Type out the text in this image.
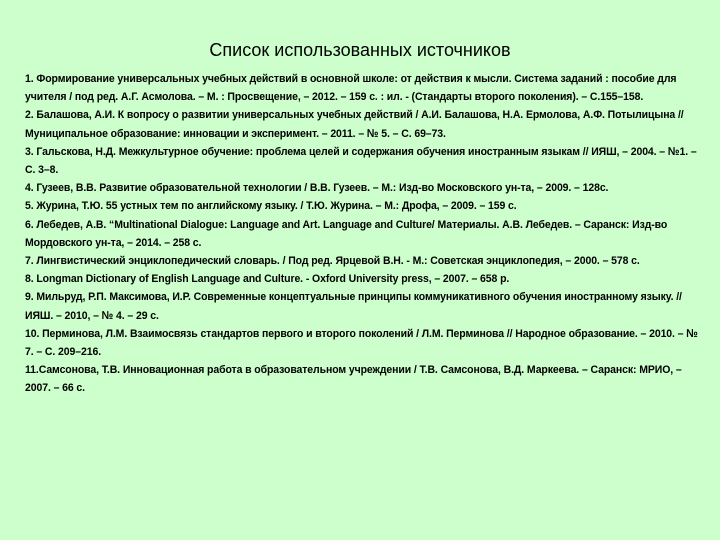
Список использованных источников
1. Формирование универсальных учебных действий в основной школе: от действия к мысли. Система заданий : пособие для учителя / под ред. А.Г. Асмолова. – М. : Просвещение, – 2012. – 159 с. : ил. - (Стандарты второго поколения). – С.155–158.
2. Балашова, А.И. К вопросу о развитии универсальных учебных действий / А.И. Балашова, Н.А. Ермолова, А.Ф. Потылицына // Муниципальное образование: инновации и эксперимент. – 2011. – № 5. – С. 69–73.
3. Гальскова, Н.Д. Межкультурное обучение: проблема целей и содержания обучения иностранным языкам // ИЯШ, – 2004. – №1. – С. 3–8.
4. Гузеев, В.В. Развитие образовательной технологии / В.В. Гузеев. – М.: Изд-во Московского ун-та, – 2009. – 128с.
5. Журина, Т.Ю. 55 устных тем по английскому языку. / Т.Ю. Журина. – М.: Дрофа, – 2009. – 159 с.
6. Лебедев, А.В. “Multinational Dialogue: Language and Art. Language and Culture/ Материалы. А.В. Лебедев. – Саранск: Изд-во Мордовского ун-та, – 2014. – 258 с.
7. Лингвистический энциклопедический словарь. / Под ред. Ярцевой В.Н. - М.: Советская энциклопедия, – 2000. – 578 с.
8. Longman Dictionary of English Language and Culture. - Oxford University press, – 2007. – 658 p.
9. Мильруд, Р.П. Максимова, И.Р. Современные концептуальные принципы коммуникативного обучения иностранному языку. // ИЯШ. – 2010, – № 4. – 29 с.
10. Перминова, Л.М. Взаимосвязь стандартов первого и второго поколений / Л.М. Перминова // Народное образование. – 2010. – № 7. – С. 209–216.
11.Самсонова, Т.В. Инновационная работа в образовательном учреждении / Т.В. Самсонова, В.Д. Маркеева. – Саранск: МРИО, – 2007. – 66 с.
